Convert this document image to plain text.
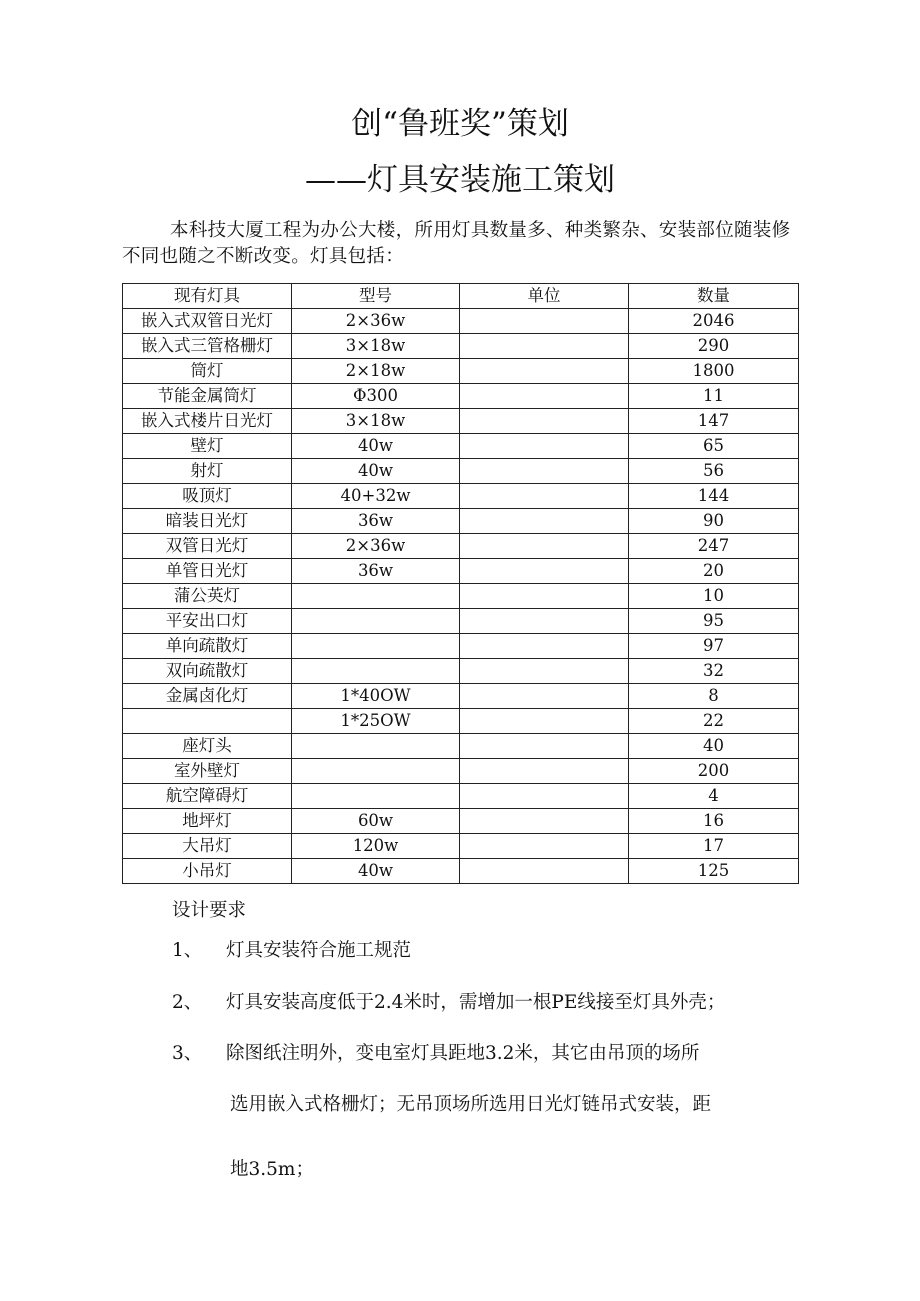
创“鲁班奖”策划
——灯具安装施工策划

本科技大厦工程为办公大楼，所用灯具数量多、种类繁杂、安装部位随装修不同也随之不断改变。灯具包括：

现有灯具	型号	单位	数量
嵌入式双管日光灯	2×36w		2046
嵌入式三管格栅灯	3×18w		290
筒灯	2×18w		1800
节能金属筒灯	Φ300		11
嵌入式楼片日光灯	3×18w		147
壁灯	40w		65
射灯	40w		56
吸顶灯	40+32w		144
暗装日光灯	36w		90
双管日光灯	2×36w		247
单管日光灯	36w		20
蒲公英灯			10
平安出口灯			95
单向疏散灯			97
双向疏散灯			32
金属卤化灯	1*40OW		8
	1*25OW		22
座灯头			40
室外壁灯			200
航空障碍灯			4
地坪灯	60w		16
大吊灯	120w		17
小吊灯	40w		125

设计要求

1、 灯具安装符合施工规范
2、 灯具安装高度低于2.4米时，需增加一根PE线接至灯具外壳；
3、 除图纸注明外，变电室灯具距地3.2米，其它由吊顶的场所

选用嵌入式格栅灯；无吊顶场所选用日光灯链吊式安装，距

地3.5m；
